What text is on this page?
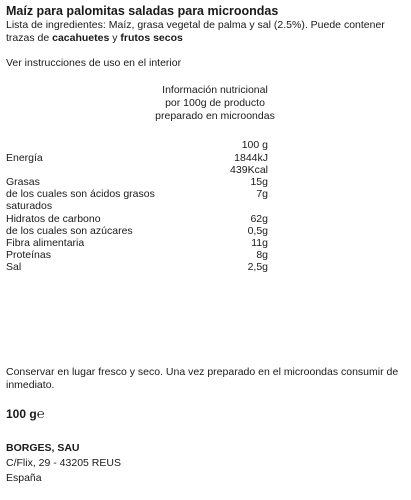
Maíz para palomitas saladas para microondas
Lista de ingredientes: Maíz, grasa vegetal de palma y sal (2.5%). Puede contener
trazas de cacahuetes y frutos secos
Ver instrucciones de uso en el interior
Información nutricional
por 100g de producto
preparado en microondas
100 g
Energía	1844kJ
439Kcal
Grasas	15g
de los cuales son ácidos grasos	7g
saturados
Hidratos de carbono	62g
de los cuales son azúcares	0,5g
Fibra alimentaria	11g
Proteínas	8g
Sal	2,5g
Conservar en lugar fresco y seco. Una vez preparado en el microondas consumir de inmediato.
100 g℮
BORGES, SAU
C/Flix, 29 - 43205 REUS
España
